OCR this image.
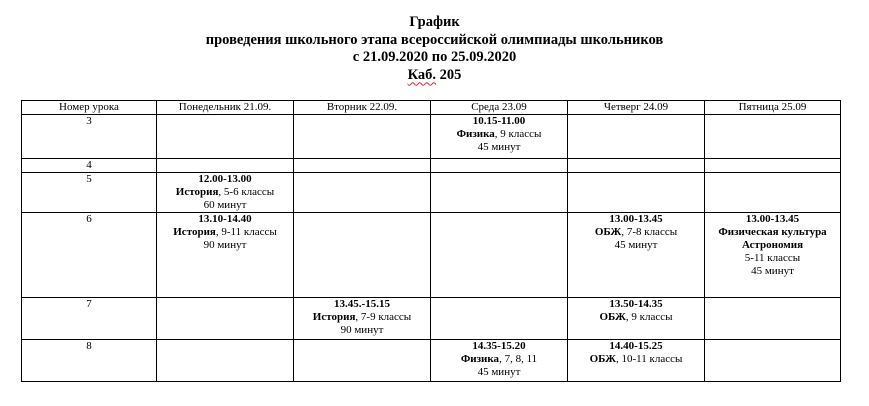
График
проведения школьного этапа всероссийской олимпиады школьников
с 21.09.2020 по 25.09.2020
Каб. 205
Номер урока	Понедельник 21.09.	Вторник 22.09.	Среда 23.09	Четверг 24.09	Пятница 25.09
3			10.15-11.00
Физика, 9 классы
45 минут		

4					
5	12.00-13.00
История, 5-6 классы
60 минут				

6	13.10-14.40
История, 9-11 классы
90 минут			13.00-13.45
ОБЖ, 7-8 классы
45 минут	13.00-13.45
Физическая культура
Астрономия
5-11 классы
45 минут

7		13.45.-15.15
История, 7-9 классы
90 минут		13.50-14.35
ОБЖ, 9 классы	

8			14.35-15.20
Физика, 7, 8, 11
45 минут	14.40-15.25
ОБЖ, 10-11 классы	
